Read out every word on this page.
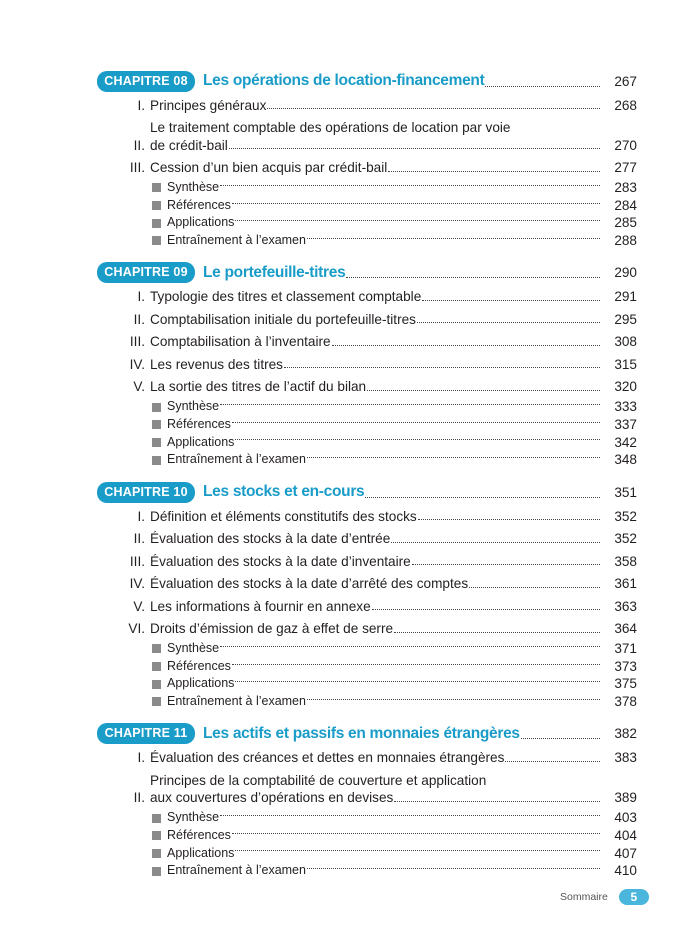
CHAPITRE 08 Les opérations de location-financement	267
I. Principes généraux	268
II.
Le traitement comptable des opérations de location par voie
de crédit-bail	270
III. Cession d’un bien acquis par crédit-bail	277
Synthèse	283
Références	284
Applications	285
Entraînement à l’examen	288
CHAPITRE 09 Le portefeuille-titres	290
I. Typologie des titres et classement comptable	291
II. Comptabilisation initiale du portefeuille-titres	295
III. Comptabilisation à l’inventaire	308
IV. Les revenus des titres	315
V. La sortie des titres de l’actif du bilan	320
Synthèse	333
Références	337
Applications	342
Entraînement à l’examen	348
CHAPITRE 10 Les stocks et en-cours	351
I. Définition et éléments constitutifs des stocks	352
II. Évaluation des stocks à la date d’entrée	352
III. Évaluation des stocks à la date d’inventaire	358
IV. Évaluation des stocks à la date d’arrêté des comptes	361
V. Les informations à fournir en annexe	363
VI. Droits d’émission de gaz à effet de serre	364
Synthèse	371
Références	373
Applications	375
Entraînement à l’examen	378
CHAPITRE 11	Les actifs et passifs en monnaies étrangères	382
I. Évaluation des créances et dettes en monnaies étrangères	383
II.
Principes de la comptabilité de couverture et application
aux couvertures d’opérations en devises	389
Synthèse	403
Références	404
Applications	407
Entraînement à l’examen	410
Sommaire	5
